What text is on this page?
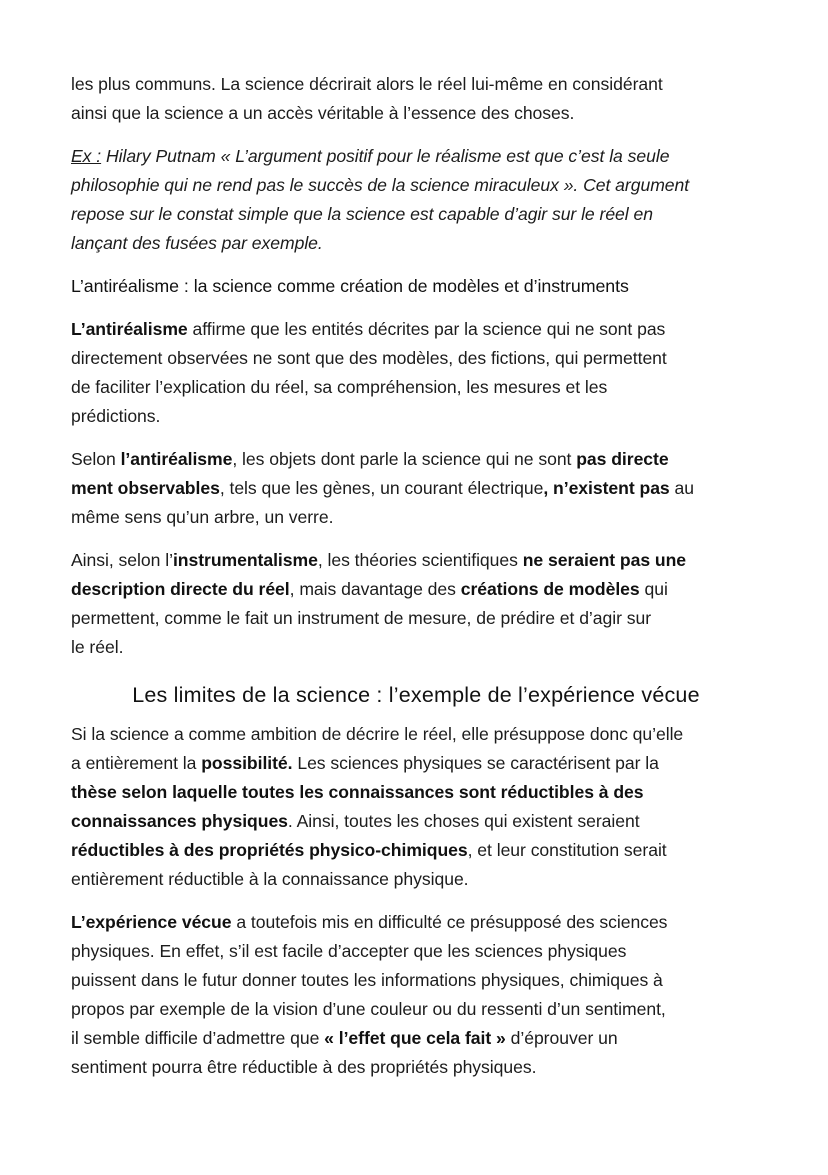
les plus communs. La science décrirait alors le réel lui-même en considérant
ainsi que la science a un accès véritable à l’essence des choses.

Ex : Hilary Putnam « L’argument positif pour le réalisme est que c’est la seule
philosophie qui ne rend pas le succès de la science miraculeux ». Cet argument
repose sur le constat simple que la science est capable d’agir sur le réel en
lançant des fusées par exemple.

L’antiréalisme : la science comme création de modèles et d’instruments

L’antiréalisme affirme que les entités décrites par la science qui ne sont pas
directement observées ne sont que des modèles, des fictions, qui permettent
de faciliter l’explication du réel, sa compréhension, les mesures et les
prédictions.

Selon l’antiréalisme, les objets dont parle la science qui ne sont pas directe
ment observables, tels que les gènes, un courant électrique, n’existent pas au
même sens qu’un arbre, un verre.

Ainsi, selon l’instrumentalisme, les théories scientifiques ne seraient pas une
description directe du réel, mais davantage des créations de modèles qui
permettent, comme le fait un instrument de mesure, de prédire et d’agir sur
le réel.

Les limites de la science : l’exemple de l’expérience vécue

Si la science a comme ambition de décrire le réel, elle présuppose donc qu’elle
a entièrement la possibilité. Les sciences physiques se caractérisent par la
thèse selon laquelle toutes les connaissances sont réductibles à des
connaissances physiques. Ainsi, toutes les choses qui existent seraient
réductibles à des propriétés physico-chimiques, et leur constitution serait
entièrement réductible à la connaissance physique.

L’expérience vécue a toutefois mis en difficulté ce présupposé des sciences
physiques. En effet, s’il est facile d’accepter que les sciences physiques
puissent dans le futur donner toutes les informations physiques, chimiques à
propos par exemple de la vision d’une couleur ou du ressenti d’un sentiment,
il semble difficile d’admettre que « l’effet que cela fait » d’éprouver un
sentiment pourra être réductible à des propriétés physiques.
